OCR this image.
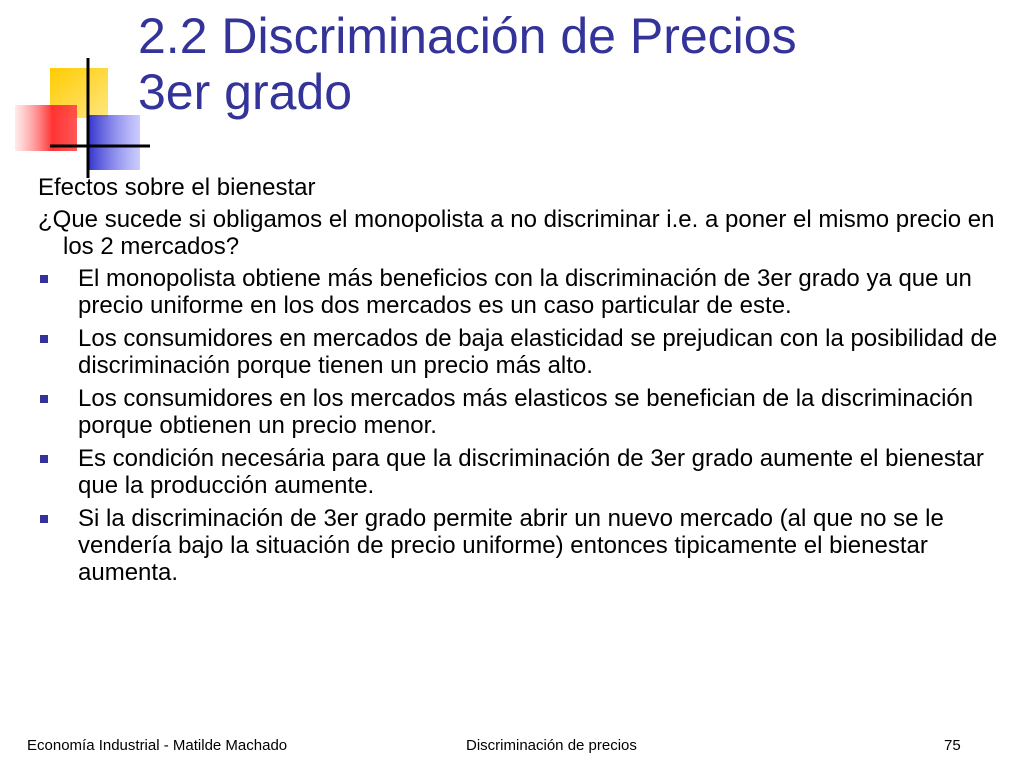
2.2 Discriminación de Precios
3er grado

Efectos sobre el bienestar

¿Que sucede si obligamos el monopolista a no discriminar i.e. a poner el mismo precio en los 2 mercados?

El monopolista obtiene más beneficios con la discriminación de 3er grado ya que un precio uniforme en los dos mercados es un caso particular de este.
Los consumidores en mercados de baja elasticidad se prejudican con la posibilidad de discriminación porque tienen un precio más alto.
Los consumidores en los mercados más elasticos se benefician de la discriminación porque obtienen un precio menor.
Es condición necesária para que la discriminación de 3er grado aumente el bienestar que la producción aumente.
Si la discriminación de 3er grado permite abrir un nuevo mercado (al que no se le vendería bajo la situación de precio uniforme) entonces tipicamente el bienestar aumenta.
Economía Industrial - Matilde Machado	Discriminación de precios	75
